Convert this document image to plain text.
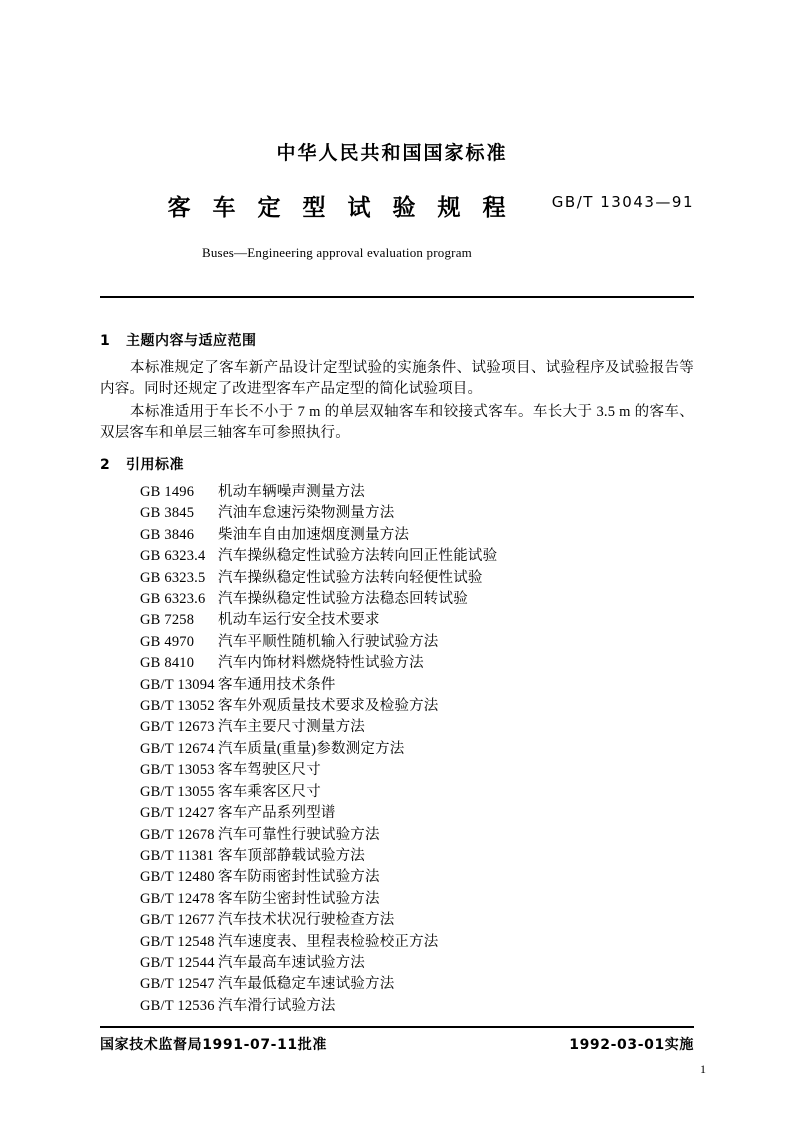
中华人民共和国国家标准
客 车 定 型 试 验 规 程	GB/T 13043—91
Buses—Engineering approval evaluation program
1 主题内容与适应范围

本标准规定了客车新产品设计定型试验的实施条件、试验项目、试验程序及试验报告等内容。同时还规定了改进型客车产品定型的简化试验项目。

本标准适用于车长不小于 7 m 的单层双轴客车和铰接式客车。车长大于 3.5 m 的客车、双层客车和单层三轴客车可参照执行。

2 引用标准
GB 1496 机动车辆噪声测量方法
GB 3845 汽油车怠速污染物测量方法
GB 3846 柴油车自由加速烟度测量方法
GB 6323.4 汽车操纵稳定性试验方法转向回正性能试验
GB 6323.5 汽车操纵稳定性试验方法转向轻便性试验
GB 6323.6 汽车操纵稳定性试验方法稳态回转试验
GB 7258 机动车运行安全技术要求
GB 4970 汽车平顺性随机输入行驶试验方法
GB 8410 汽车内饰材料燃烧特性试验方法
GB/T 13094 客车通用技术条件
GB/T 13052 客车外观质量技术要求及检验方法
GB/T 12673 汽车主要尺寸测量方法
GB/T 12674 汽车质量(重量)参数测定方法
GB/T 13053 客车驾驶区尺寸
GB/T 13055 客车乘客区尺寸
GB/T 12427 客车产品系列型谱
GB/T 12678 汽车可靠性行驶试验方法
GB/T 11381 客车顶部静载试验方法
GB/T 12480 客车防雨密封性试验方法
GB/T 12478 客车防尘密封性试验方法
GB/T 12677 汽车技术状况行驶检查方法
GB/T 12548 汽车速度表、里程表检验校正方法
GB/T 12544 汽车最高车速试验方法
GB/T 12547 汽车最低稳定车速试验方法
GB/T 12536 汽车滑行试验方法
国家技术监督局1991-07-11批准	1992-03-01实施
1
